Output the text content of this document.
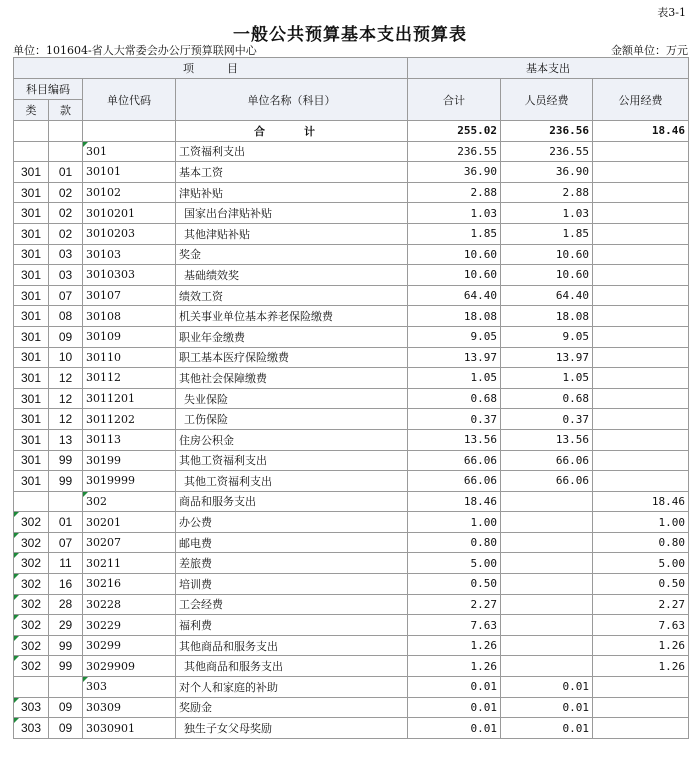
表3-1
一般公共预算基本支出预算表
单位：101604-省人大常委会办公厅预算联网中心	金额单位：万元
项　　　目				基本支出		
科目编码		单位代码	单位名称（科目）	合计	人员经费	公用经费
类	款					
			合　计	255.02	236.56	18.46
		301	工资福利支出	236.55	236.55	
301	01	30101	基本工资	36.90	36.90	
301	02	30102	津贴补贴	2.88	2.88	
301	02	3010201	国家出台津贴补贴	1.03	1.03	
301	02	3010203	其他津贴补贴	1.85	1.85	
301	03	30103	奖金	10.60	10.60	
301	03	3010303	基础绩效奖	10.60	10.60	
301	07	30107	绩效工资	64.40	64.40	
301	08	30108	机关事业单位基本养老保险缴费	18.08	18.08	
301	09	30109	职业年金缴费	9.05	9.05	
301	10	30110	职工基本医疗保险缴费	13.97	13.97	
301	12	30112	其他社会保障缴费	1.05	1.05	
301	12	3011201	失业保险	0.68	0.68	
301	12	3011202	工伤保险	0.37	0.37	
301	13	30113	住房公积金	13.56	13.56	
301	99	30199	其他工资福利支出	66.06	66.06	
301	99	3019999	其他工资福利支出	66.06	66.06	
		302	商品和服务支出	18.46		18.46
302	01	30201	办公费	1.00		1.00
302	07	30207	邮电费	0.80		0.80
302	11	30211	差旅费	5.00		5.00
302	16	30216	培训费	0.50		0.50
302	28	30228	工会经费	2.27		2.27
302	29	30229	福利费	7.63		7.63
302	99	30299	其他商品和服务支出	1.26		1.26
302	99	3029909	其他商品和服务支出	1.26		1.26
		303	对个人和家庭的补助	0.01	0.01	
303	09	30309	奖励金	0.01	0.01	
303	09	3030901	独生子女父母奖励	0.01	0.01	
